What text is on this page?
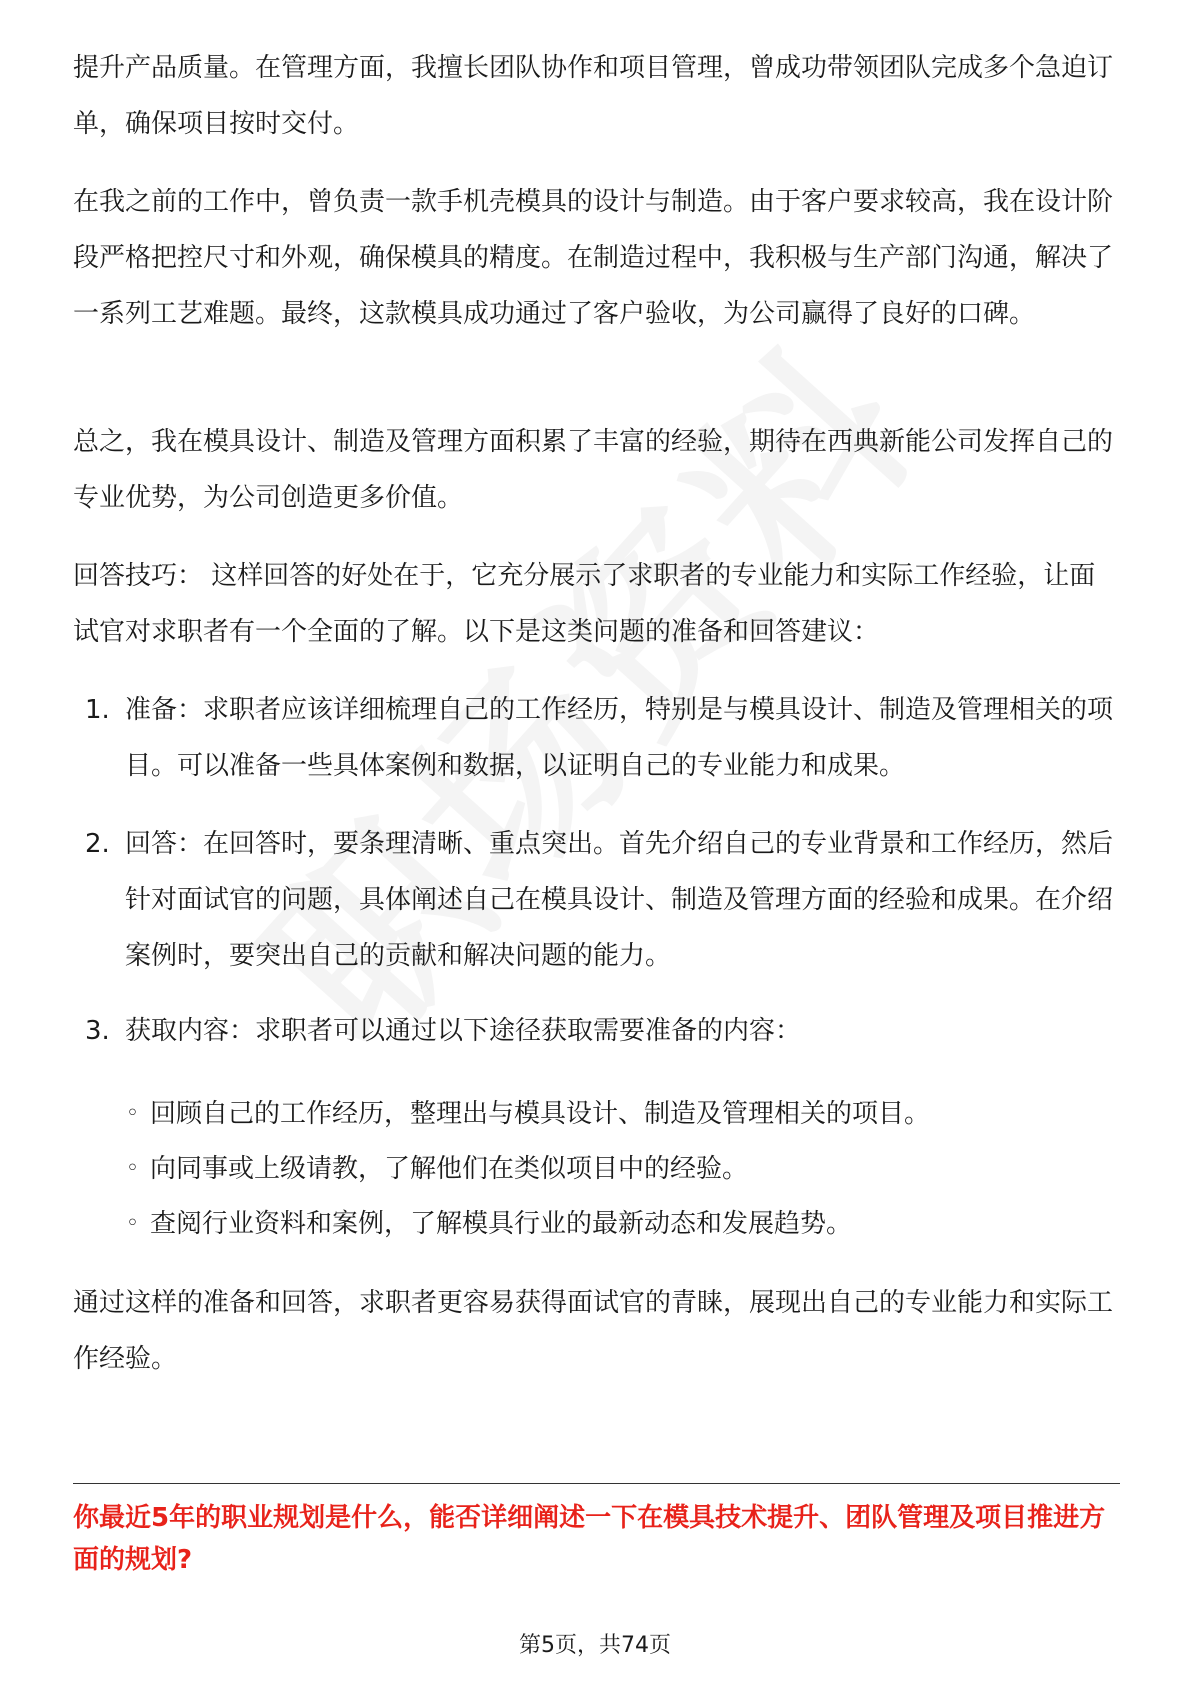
提升产品质量。在管理方面，我擅长团队协作和项目管理，曾成功带领团队完成多个急迫订单，确保项目按时交付。

在我之前的工作中，曾负责一款手机壳模具的设计与制造。由于客户要求较高，我在设计阶段严格把控尺寸和外观，确保模具的精度。在制造过程中，我积极与生产部门沟通，解决了一系列工艺难题。最终，这款模具成功通过了客户验收，为公司赢得了良好的口碑。

总之，我在模具设计、制造及管理方面积累了丰富的经验，期待在西典新能公司发挥自己的专业优势，为公司创造更多价值。

回答技巧： 这样回答的好处在于，它充分展示了求职者的专业能力和实际工作经验，让面试官对求职者有一个全面的了解。以下是这类问题的准备和回答建议：

1. 准备：求职者应该详细梳理自己的工作经历，特别是与模具设计、制造及管理相关的项目。可以准备一些具体案例和数据，以证明自己的专业能力和成果。
2. 回答：在回答时，要条理清晰、重点突出。首先介绍自己的专业背景和工作经历，然后针对面试官的问题，具体阐述自己在模具设计、制造及管理方面的经验和成果。在介绍案例时，要突出自己的贡献和解决问题的能力。
3. 获取内容：求职者可以通过以下途径获取需要准备的内容：
◦ 回顾自己的工作经历，整理出与模具设计、制造及管理相关的项目。
◦ 向同事或上级请教，了解他们在类似项目中的经验。
◦ 查阅行业资料和案例，了解模具行业的最新动态和发展趋势。

通过这样的准备和回答，求职者更容易获得面试官的青睐，展现出自己的专业能力和实际工作经验。

你最近5年的职业规划是什么，能否详细阐述一下在模具技术提升、团队管理及项目推进方面的规划?

第5页，共74页
